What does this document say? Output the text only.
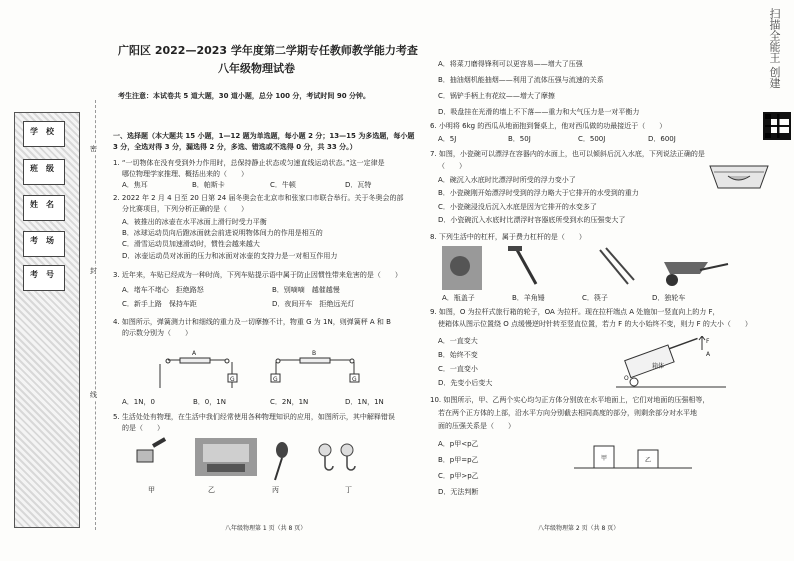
广阳区 2022—2023 学年度第二学期专任教师教学能力考查
八年级物理试卷
考生注意：本试卷共 5 道大题，30 道小题，总分 100 分，考试时间 90 分钟。
学　校
班　级
姓　名
考　场
考　号
密
封
线
一、选择题（本大题共 15 小题，1—12 题为单选题，每小题 2 分；13—15 为多选题，每小题
3 分，全选对得 3 分，漏选得 2 分，多选、错选或不选得 0 分，共 33 分。）
1. “一切物体在没有受到外力作用时，总保持静止状态或匀速直线运动状态。”这一定律是
哪位物理学家推理、概括出来的（　　）
A．焦耳	B．帕斯卡	C．牛顿	D．瓦特
2. 2022 年 2 月 4 日至 20 日第 24 届冬奥会在北京市和张家口市联合举行。关于冬奥会的部
分比赛项目，下列分析正确的是（　　）
A．被推出的冰壶在水平冰面上滑行时受力平衡
B．冰球运动员向后蹬冰面就会前进说明物体间力的作用是相互的
C．滑雪运动员加速滑动时，惯性会越来越大
D．冰壶运动员对冰面的压力和冰面对冰壶的支持力是一对相互作用力
3. 近年来，车贴已经成为一种时尚，下列车贴提示语中属于防止因惯性带来危害的是（　　）
A．堵车不堵心　拒绝路怒	B．别嘀嘀　越催越慢
C．新手上路　保持车距	D．夜间开车　拒绝远光灯
4. 如图所示，弹簧测力计和细线的重力及一切摩擦不计，物重 G 为 1N，则弹簧秤 A 和 B
的示数分别为（　　）
A	B
G	G	G
A．1N，0	B．0，1N	C．2N，1N	D．1N，1N
5. 生活处处有物理，在生活中我们经常使用各种物理知识的应用，如图所示，其中解释错误
的是（　　）
甲	乙	丙	丁
八年级物理第 1 页（共 8 页）
A．将菜刀磨得锋利可以更容易——增大了压强
B．抽油烟机能抽烟——利用了流体压强与流速的关系
C．锅铲手柄上有花纹——增大了摩擦
D．吸盘挂在光滑的墙上不下落——重力和大气压力是一对平衡力
6. 小明将 6kg 的西瓜从地面抱到餐桌上，他对西瓜做的功最接近于（　　）
A．5J	B．50J	C．500J	D．600J
7. 如图，小瓷碗可以漂浮在容器内的水面上，也可以倾斜后沉入水底，下列说法正确的是
（　　）
A．碗沉入水底时比漂浮时所受的浮力变小了
B．小瓷碗刚开始漂浮时受到的浮力略大于它排开的水受到的重力
C．小瓷碗浸没后沉入水底是因为它排开的水变多了
D．小瓷碗沉入水底时比漂浮时容器底所受到水的压强变大了
8. 下列生活中的杠杆，属于费力杠杆的是（　　）
A．瓶盖子	B．羊角锤	C．筷子	D．独轮车
9. 如图，O 为拉杆式旅行箱的轮子，OA 为拉杆。现在拉杆端点 A 处施加一竖直向上的力 F，
使箱体从图示位置绕 O 点缓慢逆时针转至竖直位置，若力 F 的大小始终不变，则力 F 的大小（　　）
箱体
F
O
A
A．一直变大
B．始终不变
C．一直变小
D．先变小后变大
10. 如图所示，甲、乙两个实心均匀正方体分别放在水平地面上，它们对地面的压强相等，
若在两个正方体的上部，沿水平方向分别截去相同高度的部分，则剩余部分对水平地
面的压强关系是（　　）
A．p甲<p乙
B．p甲=p乙
C．p甲>p乙
D．无法判断
甲	乙
八年级物理第 2 页（共 8 页）
扫描全能王 创建
